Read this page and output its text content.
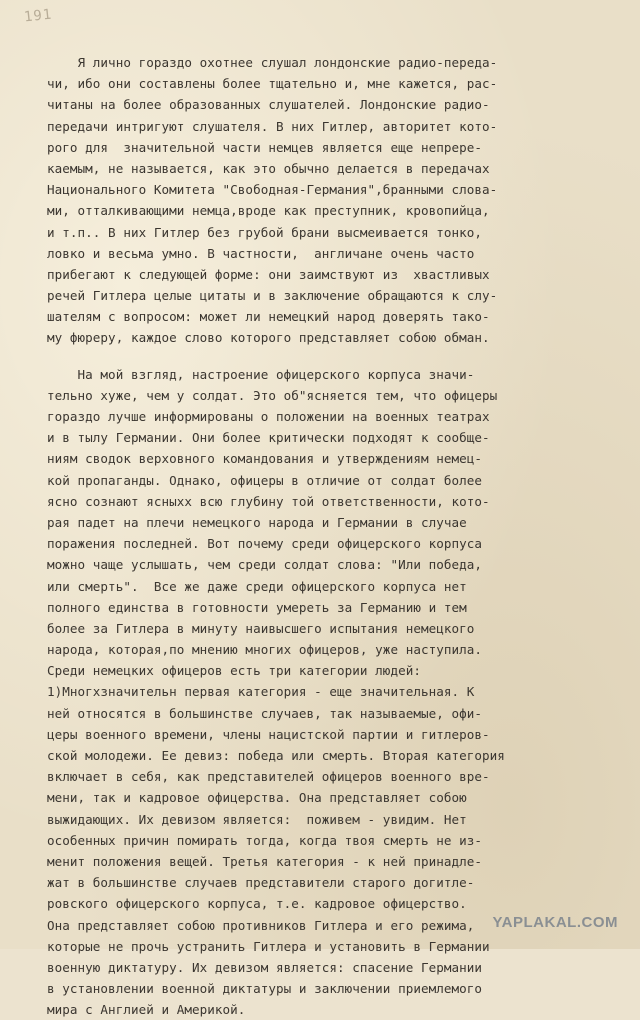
191
Я лично гораздо охотнее слушал лондонские радио-переда-
чи, ибо они составлены более тщательно и, мне кажется, рас-
читаны на более образованных слушателей. Лондонские радио-
передачи интригуют слушателя. В них Гитлер, авторитет кото-
рого для  значительной части немцев является еще непрере-
каемым, не называется, как это обычно делается в передачах
Национального Комитета "Свободная-Германия",бранными слова-
ми, отталкивающими немца,вроде как преступник, кровопийца,
и т.п.. В них Гитлер без грубой брани высмеивается тонко,
ловко и весьма умно. В частности,  англичане очень часто
прибегают к следующей форме: они заимствуют из  хвастливых
речей Гитлера целые цитаты и в заключение обращаются к слу-
шателям с вопросом: может ли немецкий народ доверять тако-
му фюреру, каждое слово которого представляет собою обман.
На мой взгляд, настроение офицерского корпуса значи-
тельно хуже, чем у солдат. Это об"ясняется тем, что офицеры
гораздо лучше информированы о положении на военных театрах
и в тылу Германии. Они более критически подходят к сообще-
ниям сводок верховного командования и утверждениям немец-
кой пропаганды. Однако, офицеры в отличие от солдат более
ясно сознают ясныхх всю глубину той ответственности, кото-
рая падет на плечи немецкого народа и Германии в случае
поражения последней. Вот почему среди офицерского корпуса
можно чаще услышать, чем среди солдат слова: "Или победа,
или смерть".  Все же даже среди офицерского корпуса нет
полного единства в готовности умереть за Германию и тем
более за Гитлера в минуту наивысшего испытания немецкого
народа, которая,по мнению многих офицеров, уже наступила.
Среди немецких офицеров есть три категории людей:
1)Многхзначительн первая категория - еще значительная. К
ней относятся в большинстве случаев, так называемые, офи-
церы военного времени, члены нацистской партии и гитлеров-
ской молодежи. Ее девиз: победа или смерть. Вторая категория
включает в себя, как представителей офицеров военного вре-
мени, так и кадровое офицерства. Она представляет собою
выжидающих. Их девизом является:  поживем - увидим. Нет
особенных причин помирать тогда, когда твоя смерть не из-
менит положения вещей. Третья категория - к ней принадле-
жат в большинстве случаев представители старого догитле-
ровского офицерского корпуса, т.е. кадровое офицерство.
Она представляет собою противников Гитлера и его режима,
которые не прочь устранить Гитлера и установить в Германии
военную диктатуру. Их девизом является: спасение Германии
в установлении военной диктатуры и заключении приемлемого
мира с Англией и Америкой.
YAPLAKAL.COM
